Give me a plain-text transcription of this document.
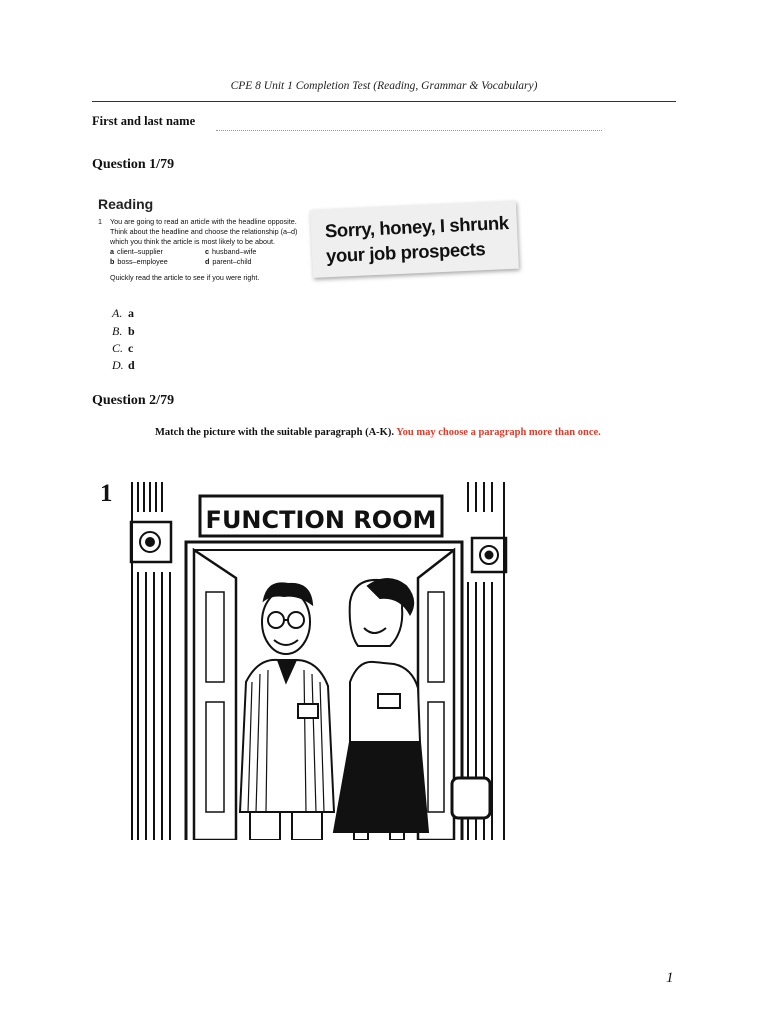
CPE 8 Unit 1 Completion Test (Reading, Grammar & Vocabulary)
First and last name
Question 1/79
Reading
1	You are going to read an article with the headline opposite. Think about the headline and choose the relationship (a–d) which you think the article is most likely to be about.
a client–supplier	c husband–wife
b boss–employee	d parent–child
Quickly read the article to see if you were right.
Sorry, honey, I shrunk
your job prospects
A. a
B. b
C. c
D. d
Question 2/79
Match the picture with the suitable paragraph (A-K). You may choose a paragraph more than once.
1
FUNCTION ROOM
1
